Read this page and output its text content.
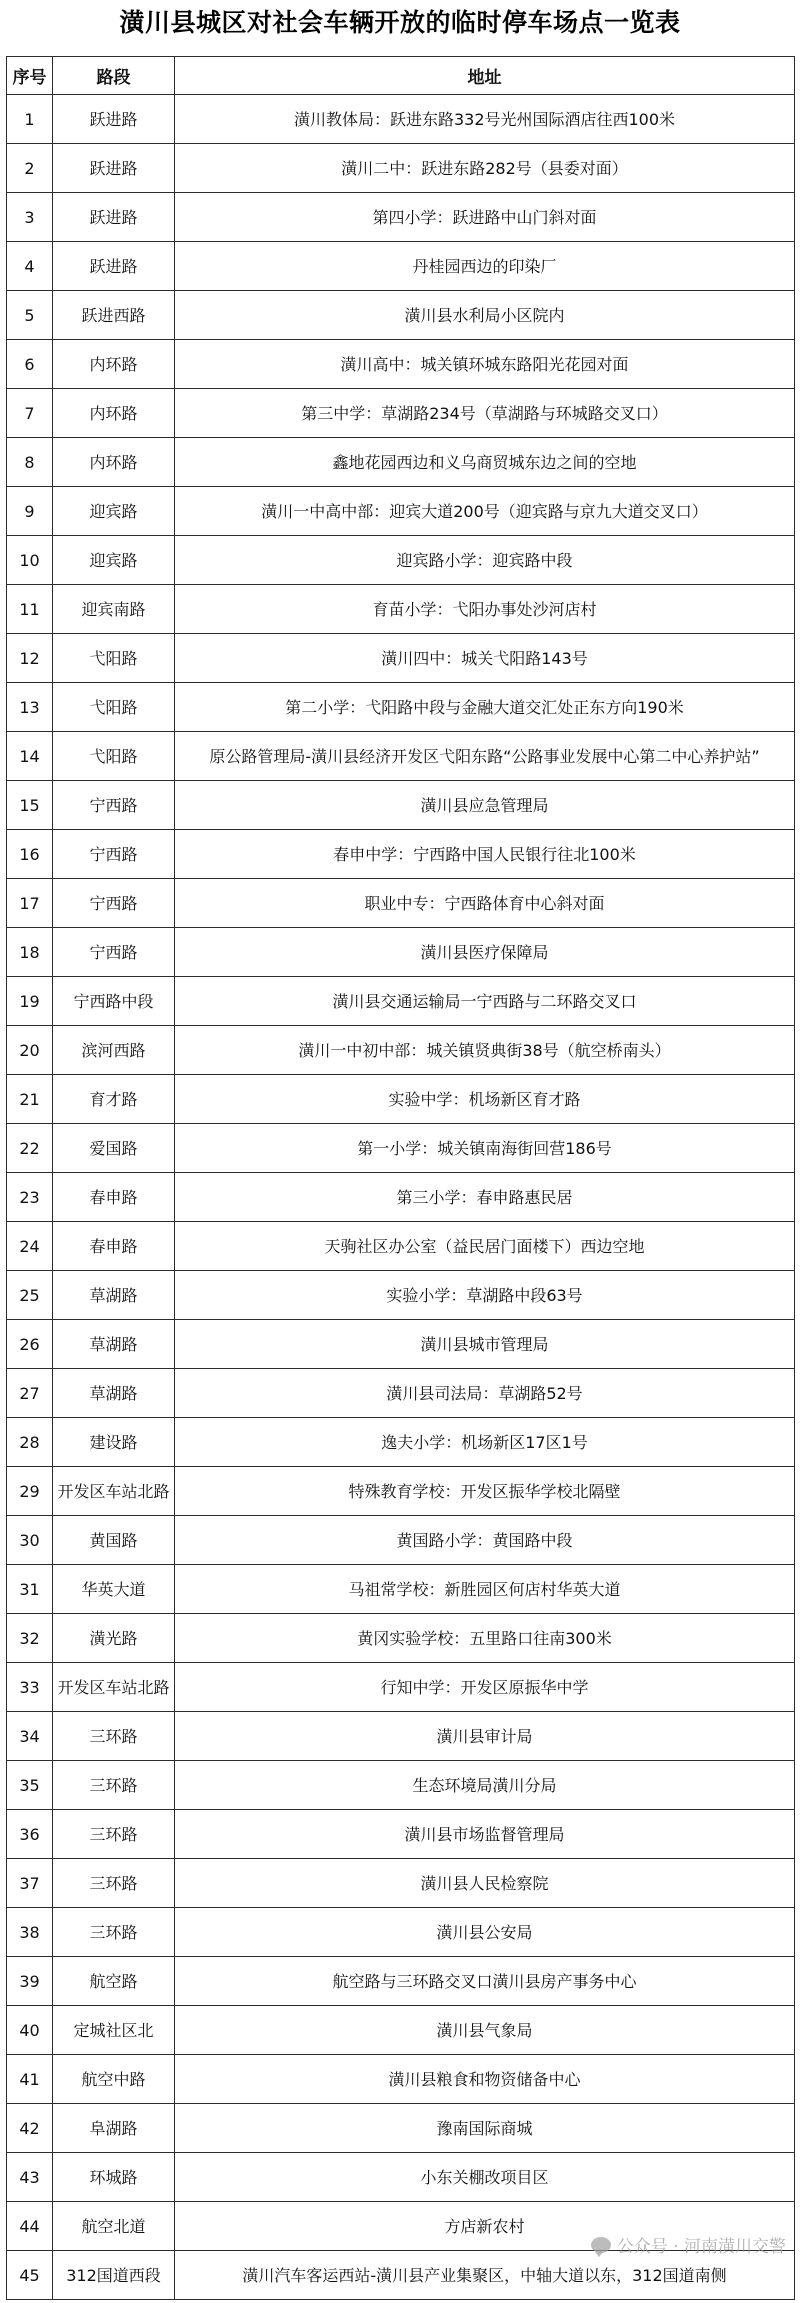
潢川县城区对社会车辆开放的临时停车场点一览表
序号	路段	地址
1	跃进路	潢川教体局：跃进东路332号光州国际酒店往西100米
2	跃进路	潢川二中：跃进东路282号（县委对面）
3	跃进路	第四小学：跃进路中山门斜对面
4	跃进路	丹桂园西边的印染厂
5	跃进西路	潢川县水利局小区院内
6	内环路	潢川高中：城关镇环城东路阳光花园对面
7	内环路	第三中学：草湖路234号（草湖路与环城路交叉口）
8	内环路	鑫地花园西边和义乌商贸城东边之间的空地
9	迎宾路	潢川一中高中部：迎宾大道200号（迎宾路与京九大道交叉口）
10	迎宾路	迎宾路小学：迎宾路中段
11	迎宾南路	育苗小学：弋阳办事处沙河店村
12	弋阳路	潢川四中：城关弋阳路143号
13	弋阳路	第二小学：弋阳路中段与金融大道交汇处正东方向190米
14	弋阳路	原公路管理局-潢川县经济开发区弋阳东路“公路事业发展中心第二中心养护站”
15	宁西路	潢川县应急管理局
16	宁西路	春申中学：宁西路中国人民银行往北100米
17	宁西路	职业中专：宁西路体育中心斜对面
18	宁西路	潢川县医疗保障局
19	宁西路中段	潢川县交通运输局一宁西路与二环路交叉口
20	滨河西路	潢川一中初中部：城关镇贤典街38号（航空桥南头）
21	育才路	实验中学：机场新区育才路
22	爱国路	第一小学：城关镇南海街回营186号
23	春申路	第三小学：春申路惠民居
24	春申路	天驹社区办公室（益民居门面楼下）西边空地
25	草湖路	实验小学：草湖路中段63号
26	草湖路	潢川县城市管理局
27	草湖路	潢川县司法局：草湖路52号
28	建设路	逸夫小学：机场新区17区1号
29	开发区车站北路	特殊教育学校：开发区振华学校北隔壁
30	黄国路	黄国路小学：黄国路中段
31	华英大道	马祖常学校：新胜园区何店村华英大道
32	潢光路	黄冈实验学校：五里路口往南300米
33	开发区车站北路	行知中学：开发区原振华中学
34	三环路	潢川县审计局
35	三环路	生态环境局潢川分局
36	三环路	潢川县市场监督管理局
37	三环路	潢川县人民检察院
38	三环路	潢川县公安局
39	航空路	航空路与三环路交叉口潢川县房产事务中心
40	定城社区北	潢川县气象局
41	航空中路	潢川县粮食和物资储备中心
42	阜湖路	豫南国际商城
43	环城路	小东关棚改项目区
44	航空北道	方店新农村
45	312国道西段	潢川汽车客运西站-潢川县产业集聚区，中轴大道以东，312国道南侧
公众号 · 河南潢川交警
